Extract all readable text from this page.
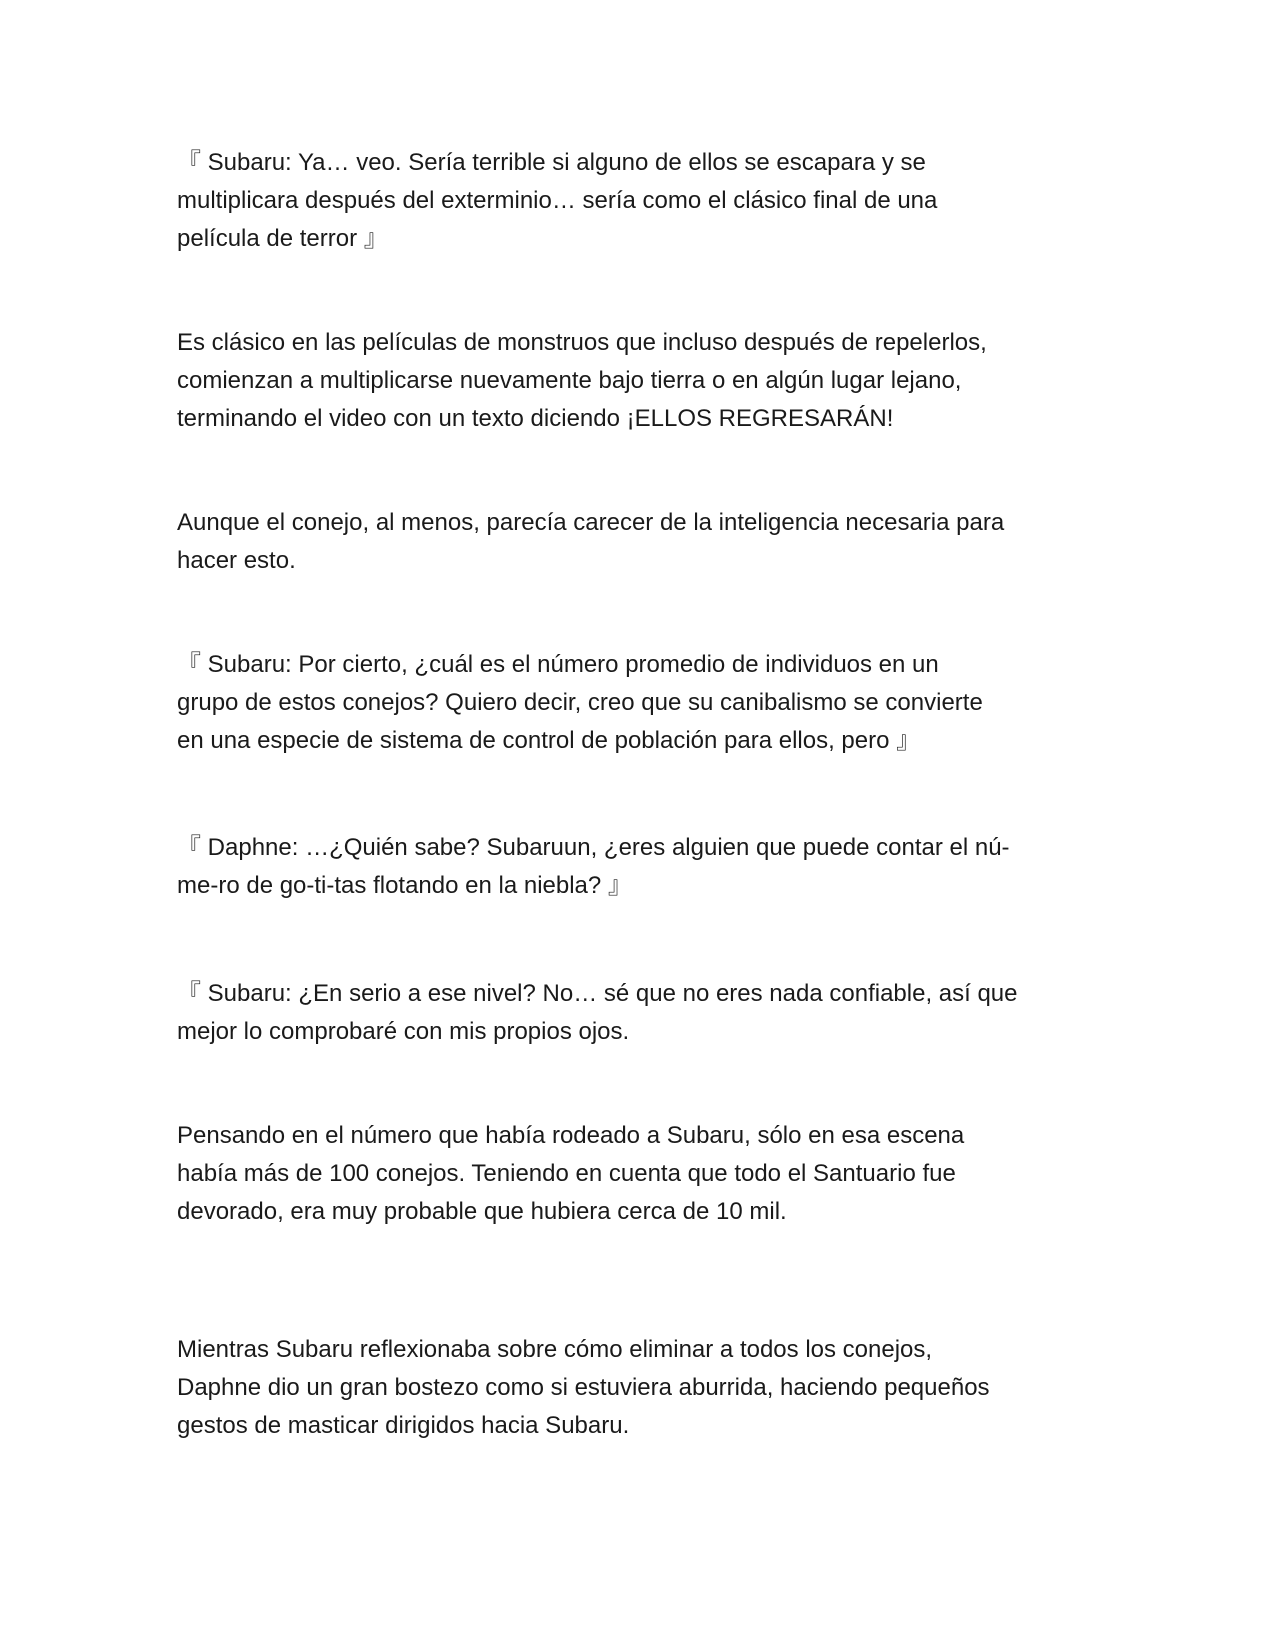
『 Subaru: Ya… veo. Sería terrible si alguno de ellos se escapara y se
multiplicara después del exterminio… sería como el clásico final de una
película de terror 』
Es clásico en las películas de monstruos que incluso después de repelerlos,
comienzan a multiplicarse nuevamente bajo tierra o en algún lugar lejano,
terminando el video con un texto diciendo ¡ELLOS REGRESARÁN!
Aunque el conejo, al menos, parecía carecer de la inteligencia necesaria para
hacer esto.
『 Subaru: Por cierto, ¿cuál es el número promedio de individuos en un
grupo de estos conejos? Quiero decir, creo que su canibalismo se convierte
en una especie de sistema de control de población para ellos, pero 』
『 Daphne: …¿Quién sabe? Subaruun, ¿eres alguien que puede contar el nú-
me-ro de go-ti-tas flotando en la niebla? 』
『 Subaru: ¿En serio a ese nivel? No… sé que no eres nada confiable, así que
mejor lo comprobaré con mis propios ojos.
Pensando en el número que había rodeado a Subaru, sólo en esa escena
había más de 100 conejos. Teniendo en cuenta que todo el Santuario fue
devorado, era muy probable que hubiera cerca de 10 mil.
Mientras Subaru reflexionaba sobre cómo eliminar a todos los conejos,
Daphne dio un gran bostezo como si estuviera aburrida, haciendo pequeños
gestos de masticar dirigidos hacia Subaru.
